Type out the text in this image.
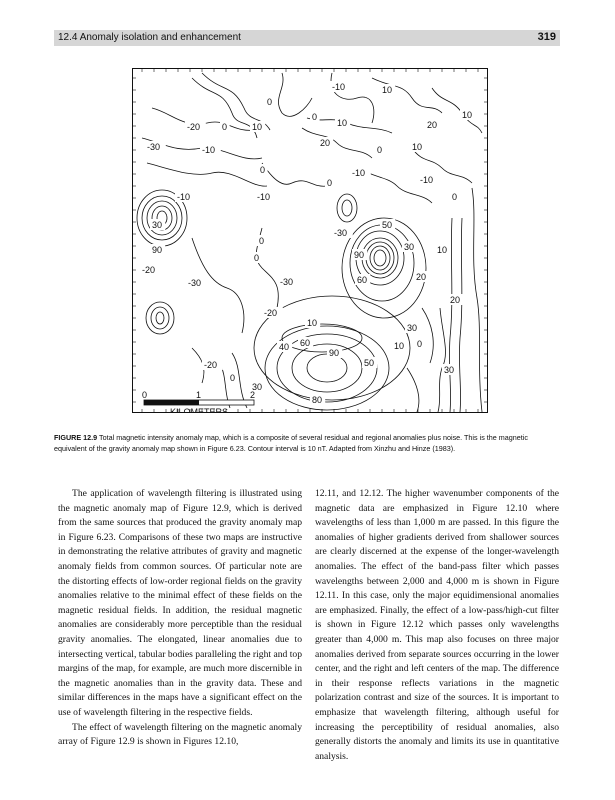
12.4 Anomaly isolation and enhancement	319
-10	10
0
10
-20 0	10
0
10	20
-30	-10
20
0	10
0	-10
0	-10
-10	0
-10
30
-30
50
0
30
90
90	10
-20
0
60	20
-30	-30
20
-20
10	30
40 60	0
10
90
50
-20	30
0
30
80
0	1	2
KILOMETERS
FIGURE 12.9 Total magnetic intensity anomaly map, which is a composite of several residual and regional anomalies plus noise. This is the magnetic equivalent of the gravity anomaly map shown in Figure 6.23. Contour interval is 10 nT. Adapted from Xinzhu and Hinze (1983).

The application of wavelength filtering is illustrated using the magnetic anomaly map of Figure 12.9, which is derived from the same sources that produced the gravity anomaly map in Figure 6.23. Comparisons of these two maps are instructive in demonstrating the relative attributes of gravity and magnetic anomaly fields from common sources. Of particular note are the distorting effects of low-order regional fields on the gravity anomalies relative to the minimal effect of these fields on the magnetic residual fields. In addition, the residual magnetic anomalies are considerably more perceptible than the residual gravity anomalies. The elongated, linear anomalies due to intersecting vertical, tabular bodies paralleling the right and top margins of the map, for example, are much more discernible in the magnetic anomalies than in the gravity data. These and similar differences in the maps have a significant effect on the use of wavelength filtering in the respective fields.

The effect of wavelength filtering on the magnetic anomaly array of Figure 12.9 is shown in Figures 12.10,

12.11, and 12.12. The higher wavenumber components of the magnetic data are emphasized in Figure 12.10 where wavelengths of less than 1,000 m are passed. In this figure the anomalies of higher gradients derived from shallower sources are clearly discerned at the expense of the longer-wavelength anomalies. The effect of the band-pass filter which passes wavelengths between 2,000 and 4,000 m is shown in Figure 12.11. In this case, only the major equidimensional anomalies are emphasized. Finally, the effect of a low-pass/high-cut filter is shown in Figure 12.12 which passes only wavelengths greater than 4,000 m. This map also focuses on three major anomalies derived from separate sources occurring in the lower center, and the right and left centers of the map. The difference in their response reflects variations in the magnetic polarization contrast and size of the sources. It is important to emphasize that wavelength filtering, although useful for increasing the perceptibility of residual anomalies, also generally distorts the anomaly and limits its use in quantitative analysis.
